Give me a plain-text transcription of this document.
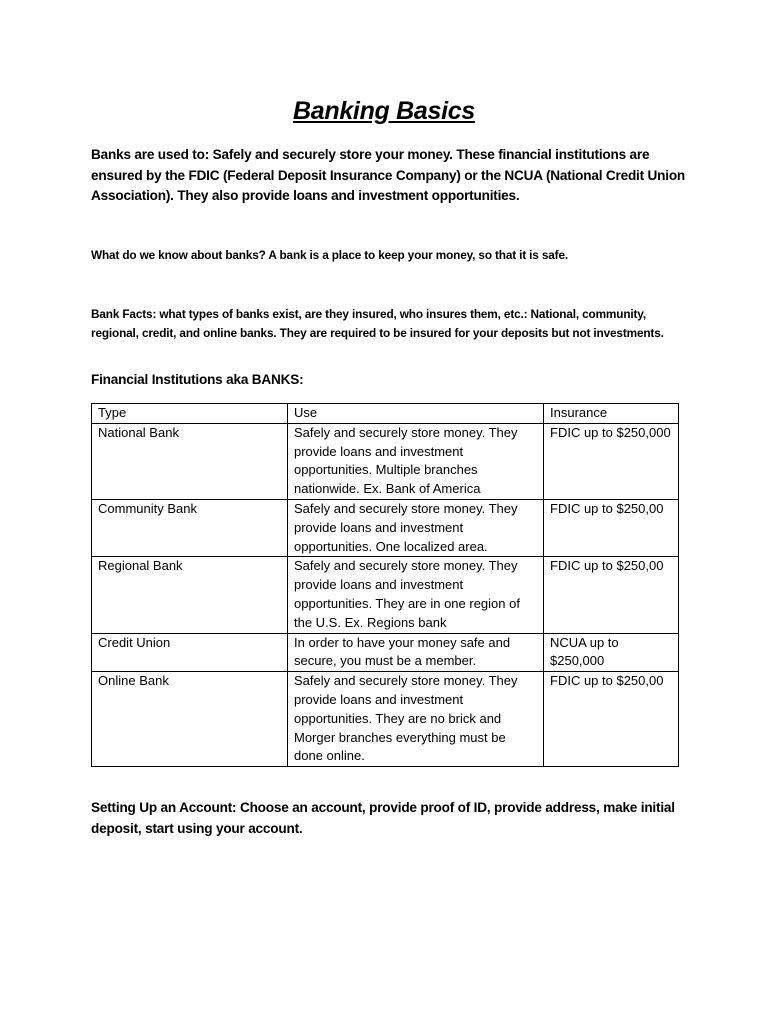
Banking Basics

Banks are used to: Safely and securely store your money. These financial institutions are ensured by the FDIC (Federal Deposit Insurance Company) or the NCUA (National Credit Union Association). They also provide loans and investment opportunities.

What do we know about banks? A bank is a place to keep your money, so that it is safe.

Bank Facts: what types of banks exist, are they insured, who insures them, etc.: National, community, regional, credit, and online banks. They are required to be insured for your deposits but not investments.

Financial Institutions aka BANKS:
Type	Use	Insurance
National Bank	Safely and securely store money. They provide loans and investment opportunities. Multiple branches nationwide. Ex. Bank of America	FDIC up to $250,000
Community Bank	Safely and securely store money. They provide loans and investment opportunities. One localized area.	FDIC up to $250,00
Regional Bank	Safely and securely store money. They provide loans and investment opportunities. They are in one region of the U.S. Ex. Regions bank	FDIC up to $250,00
Credit Union	In order to have your money safe and secure, you must be a member.	NCUA up to $250,000
Online Bank	Safely and securely store money. They provide loans and investment opportunities. They are no brick and Morger branches everything must be done online.	FDIC up to $250,00

Setting Up an Account: Choose an account, provide proof of ID, provide address, make initial deposit, start using your account.
